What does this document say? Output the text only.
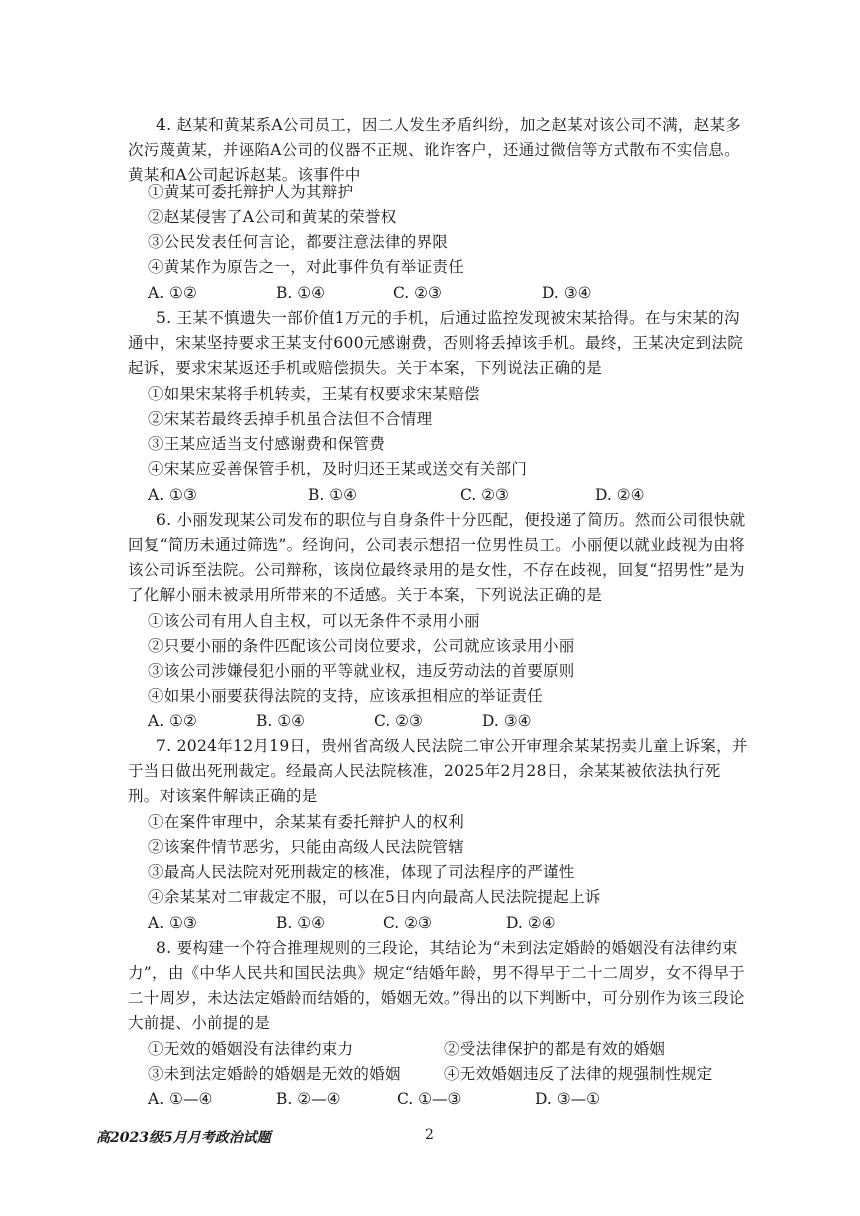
4. 赵某和黄某系A公司员工，因二人发生矛盾纠纷，加之赵某对该公司不满，赵某多次污蔑黄某，并诬陷A公司的仪器不正规、讹诈客户，还通过微信等方式散布不实信息。黄某和A公司起诉赵某。该事件中
①黄某可委托辩护人为其辩护
②赵某侵害了A公司和黄某的荣誉权
③公民发表任何言论，都要注意法律的界限
④黄某作为原告之一，对此事件负有举证责任
A. ①②	B. ①④	C. ②③	D. ③④
5. 王某不慎遗失一部价值1万元的手机，后通过监控发现被宋某拾得。在与宋某的沟通中，宋某坚持要求王某支付600元感谢费，否则将丢掉该手机。最终，王某决定到法院起诉，要求宋某返还手机或赔偿损失。关于本案，下列说法正确的是
①如果宋某将手机转卖，王某有权要求宋某赔偿
②宋某若最终丢掉手机虽合法但不合情理
③王某应适当支付感谢费和保管费
④宋某应妥善保管手机，及时归还王某或送交有关部门
A. ①③	B. ①④	C. ②③	D. ②④
6. 小丽发现某公司发布的职位与自身条件十分匹配，便投递了简历。然而公司很快就回复“简历未通过筛选”。经询问，公司表示想招一位男性员工。小丽便以就业歧视为由将该公司诉至法院。公司辩称，该岗位最终录用的是女性，不存在歧视，回复“招男性”是为了化解小丽未被录用所带来的不适感。关于本案，下列说法正确的是
①该公司有用人自主权，可以无条件不录用小丽
②只要小丽的条件匹配该公司岗位要求，公司就应该录用小丽
③该公司涉嫌侵犯小丽的平等就业权，违反劳动法的首要原则
④如果小丽要获得法院的支持，应该承担相应的举证责任
A. ①②	B. ①④	C. ②③	D. ③④
7. 2024年12月19日，贵州省高级人民法院二审公开审理余某某拐卖儿童上诉案，并于当日做出死刑裁定。经最高人民法院核准，2025年2月28日，余某某被依法执行死刑。对该案件解读正确的是
①在案件审理中，余某某有委托辩护人的权利
②该案件情节恶劣，只能由高级人民法院管辖
③最高人民法院对死刑裁定的核准，体现了司法程序的严谨性
④余某某对二审裁定不服，可以在5日内向最高人民法院提起上诉
A. ①③	B. ①④	C. ②③	D. ②④
8. 要构建一个符合推理规则的三段论，其结论为“未到法定婚龄的婚姻没有法律约束力”，由《中华人民共和国民法典》规定“结婚年龄，男不得早于二十二周岁，女不得早于二十周岁，未达法定婚龄而结婚的，婚姻无效。”得出的以下判断中，可分别作为该三段论大前提、小前提的是
①无效的婚姻没有法律约束力	②受法律保护的都是有效的婚姻
③未到法定婚龄的婚姻是无效的婚姻	④无效婚姻违反了法律的规强制性规定
A. ①—④	B. ②—④	C. ①—③	D. ③—①
高2023级5月月考政治试题	2
